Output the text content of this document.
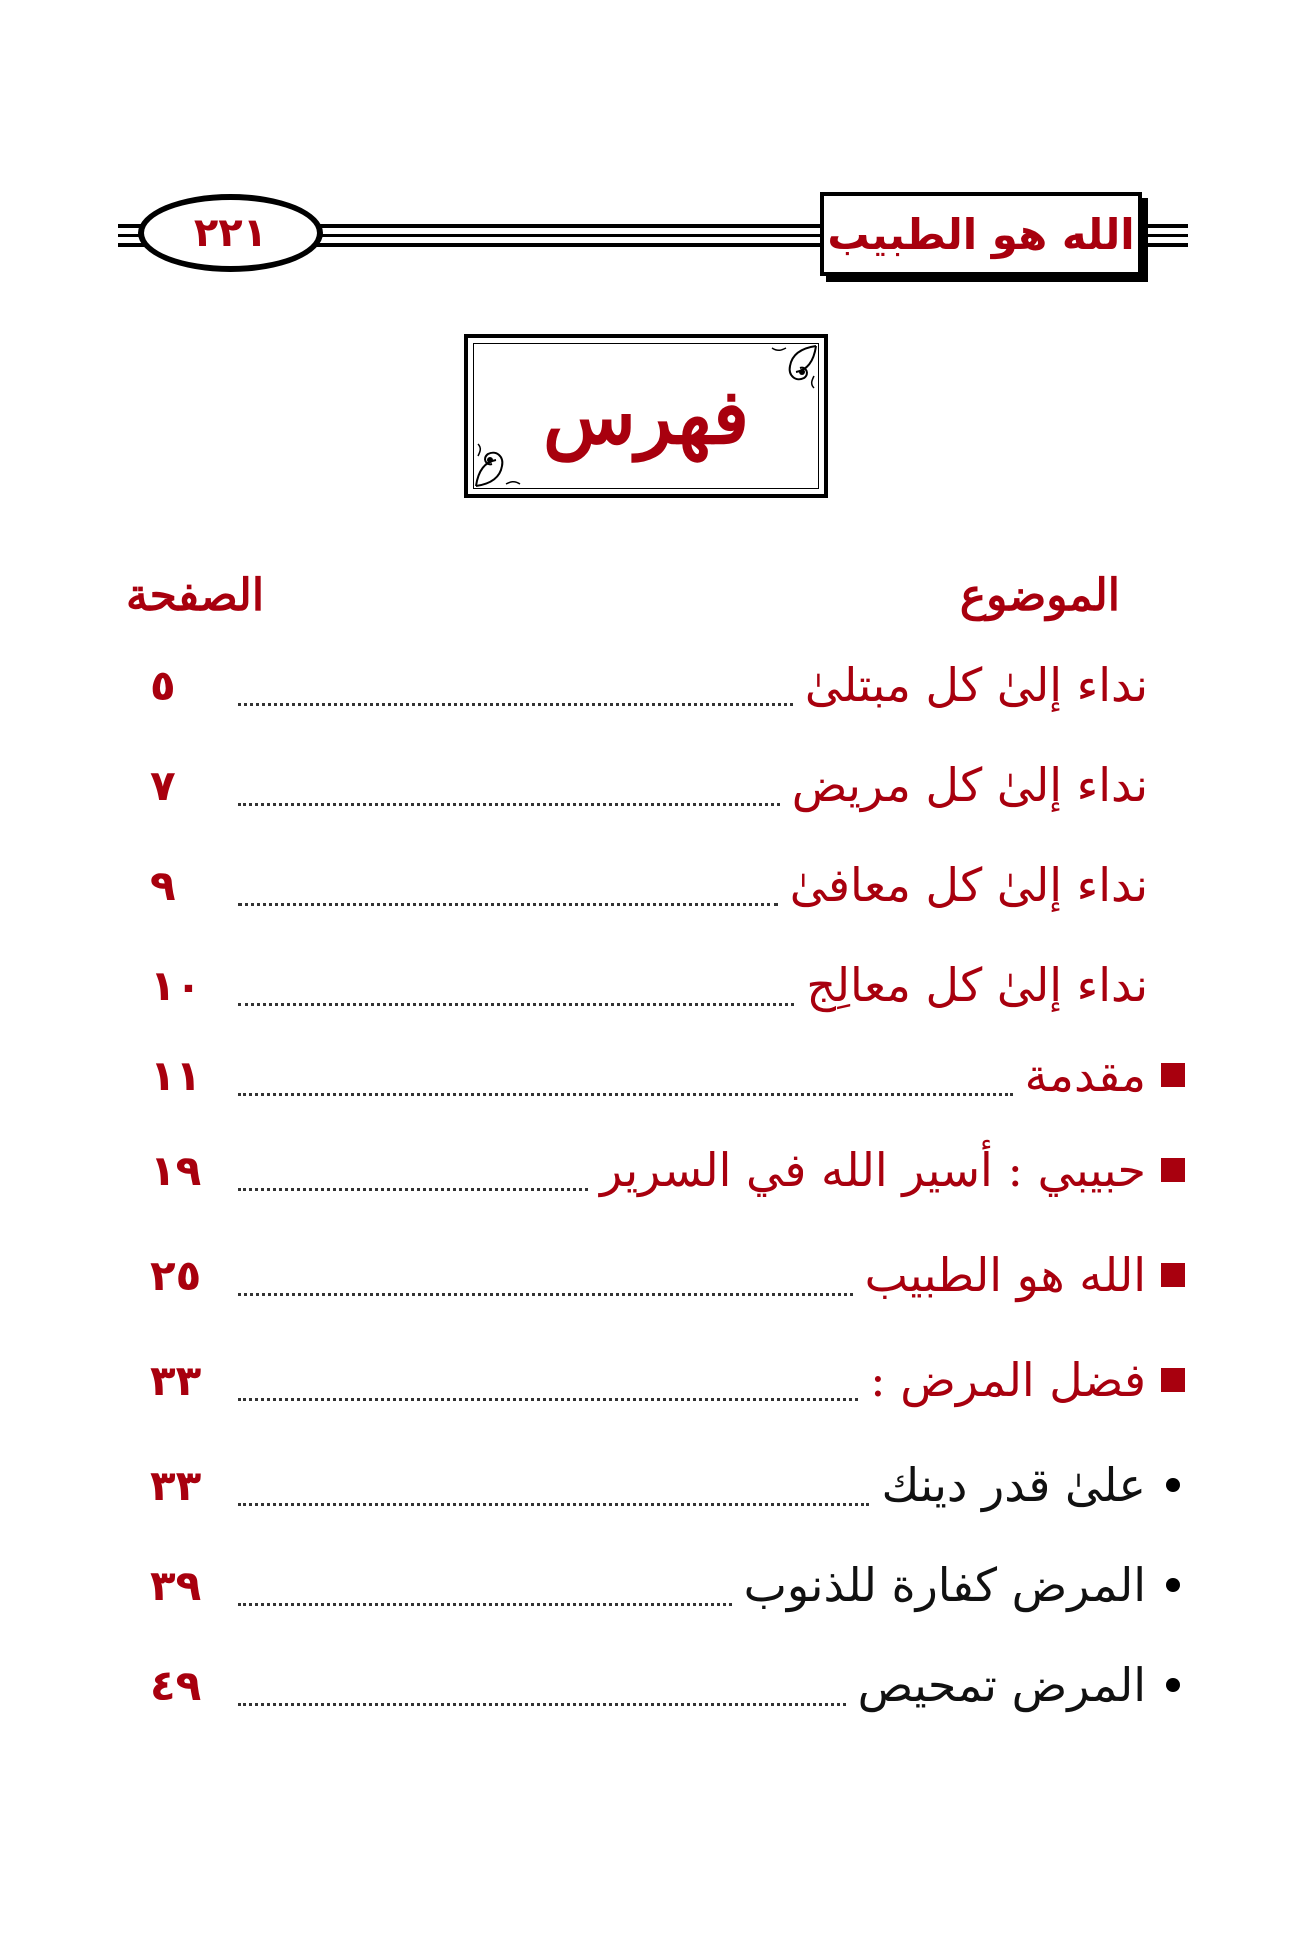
٢٢١	الله هو الطبيب
فهرس
الموضوع
الصفحة
نداء إلىٰ كل مبتلىٰ
٥
نداء إلىٰ كل مريض
٧
نداء إلىٰ كل معافىٰ
٩
نداء إلىٰ كل معالِج
١٠
مقدمة
١١
حبيبي : أسير الله في السرير
١٩
الله هو الطبيب
٢٥
فضل المرض :
٣٣
علىٰ قدر دينك
٣٣
المرض كفارة للذنوب
٣٩
المرض تمحيص
٤٩
